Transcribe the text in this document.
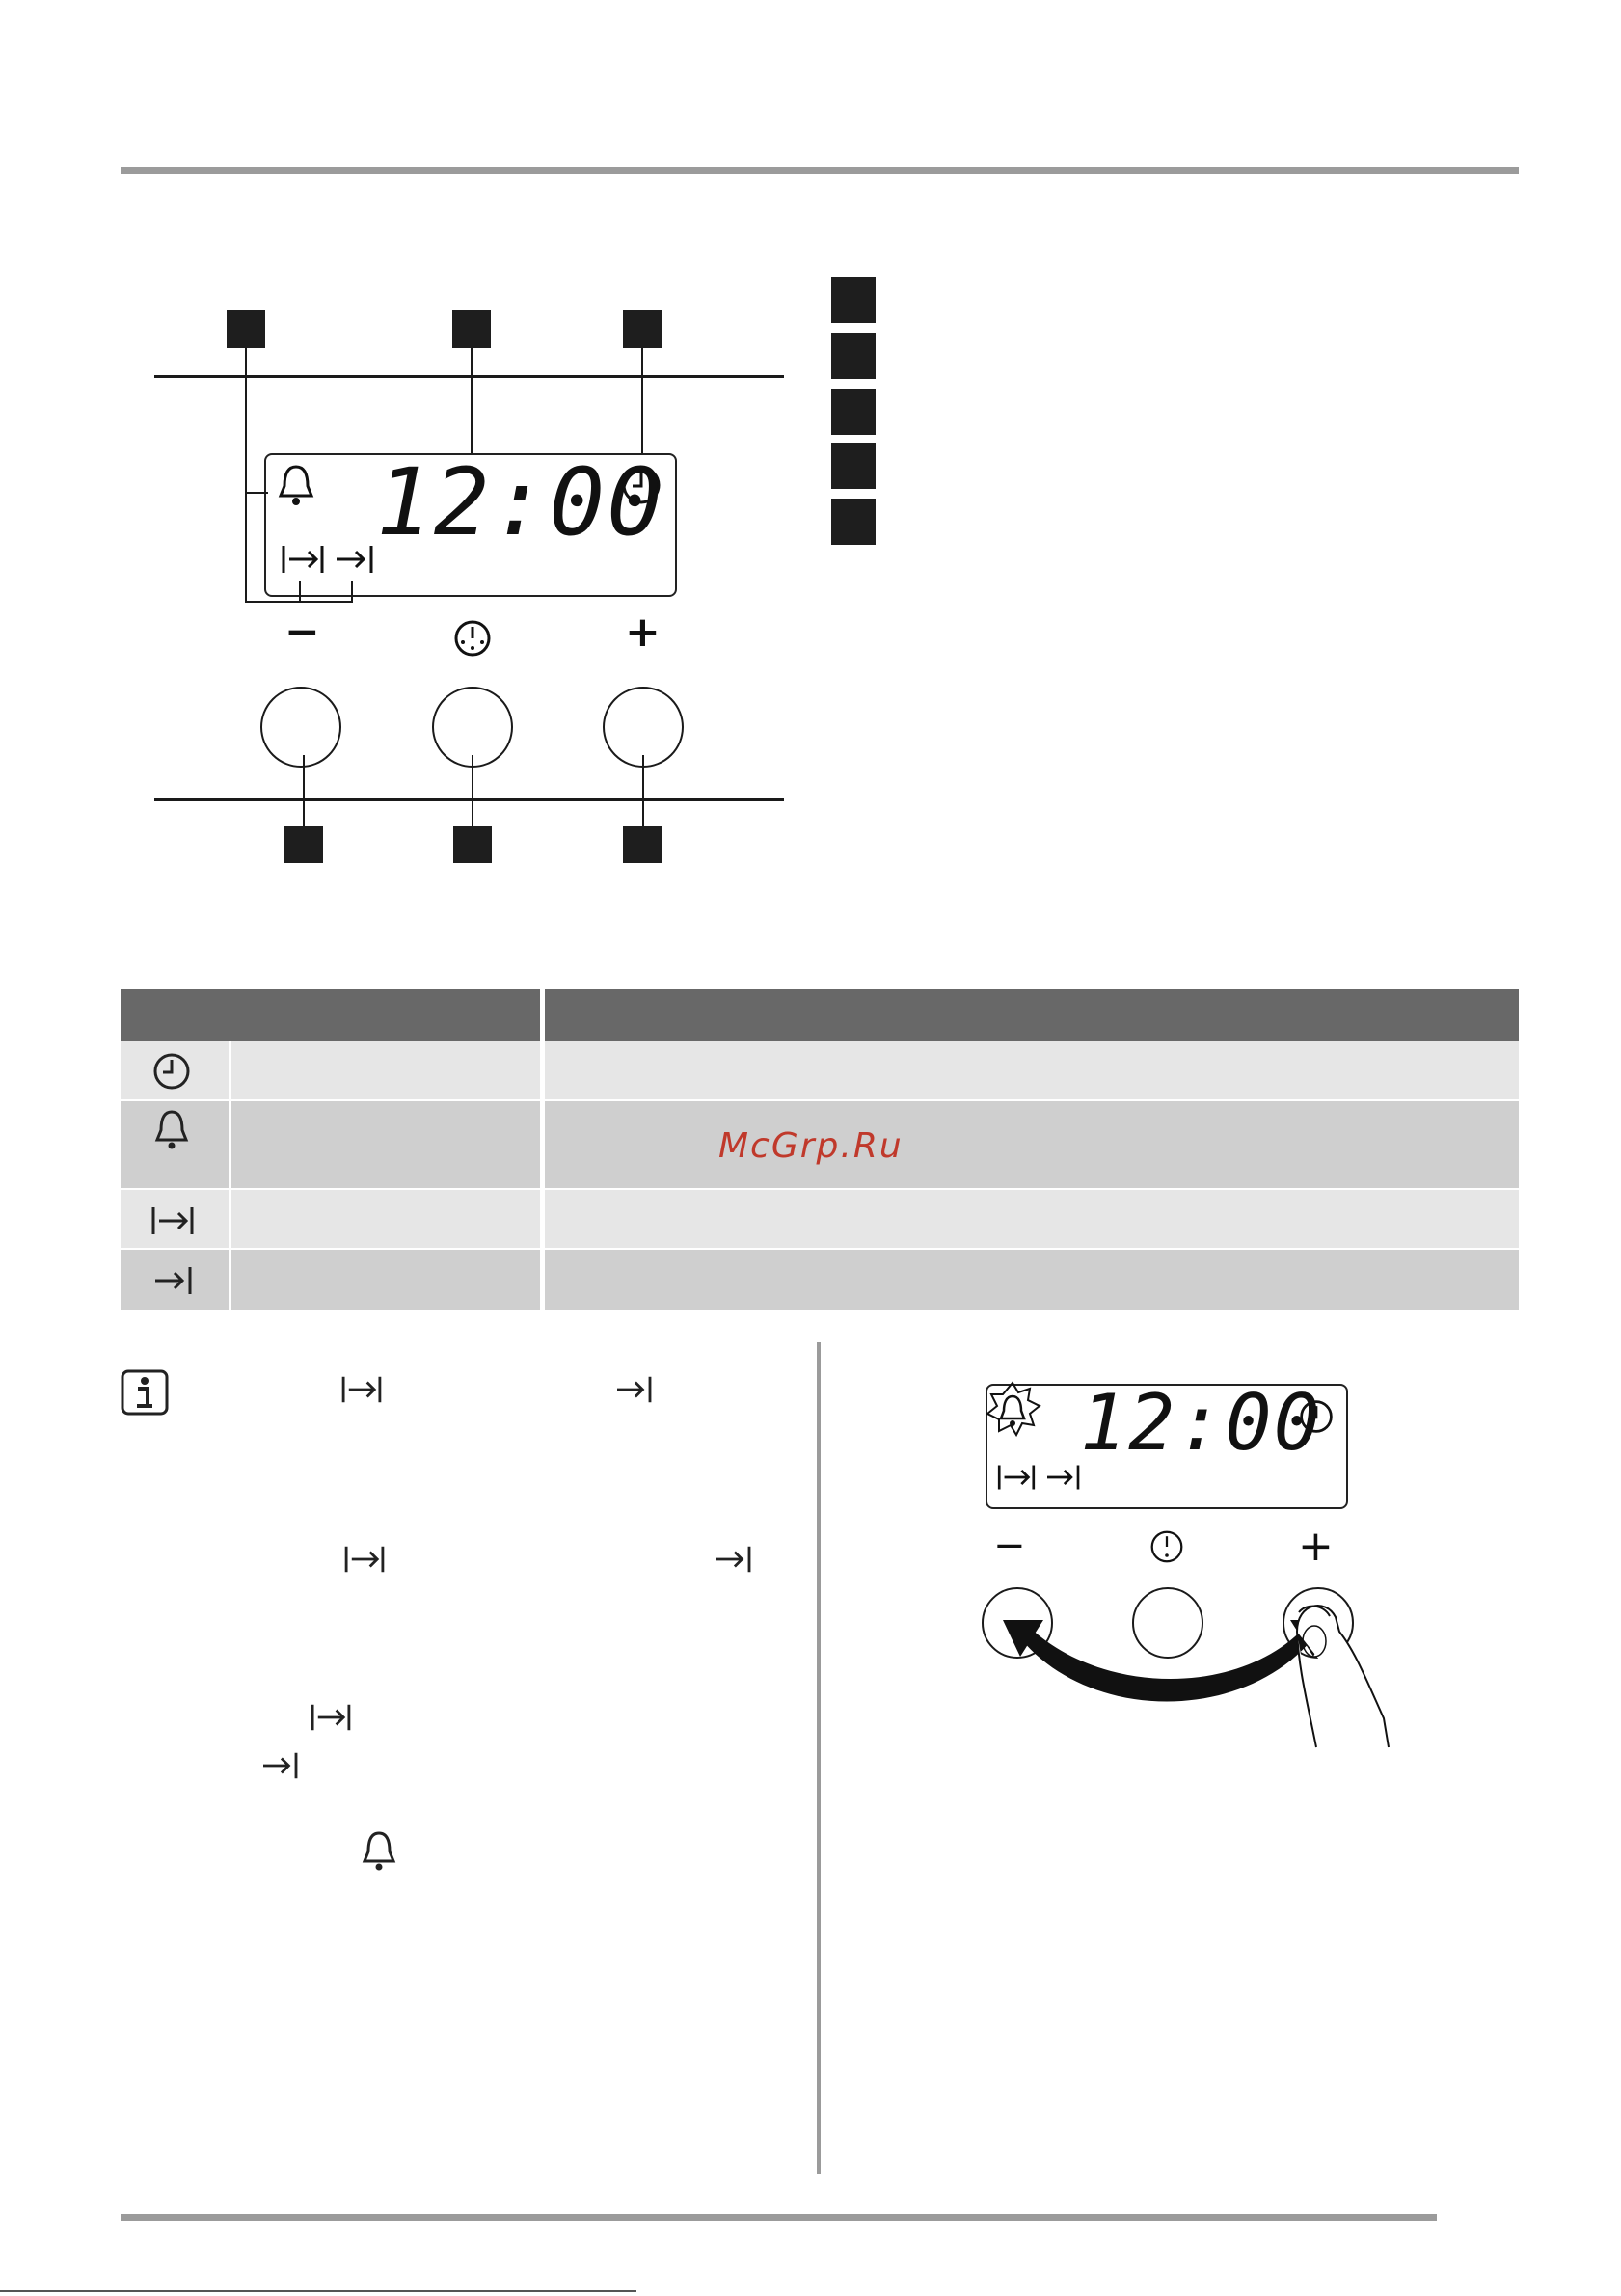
12:00
−	+
McGrp.Ru
12:00
−	+
